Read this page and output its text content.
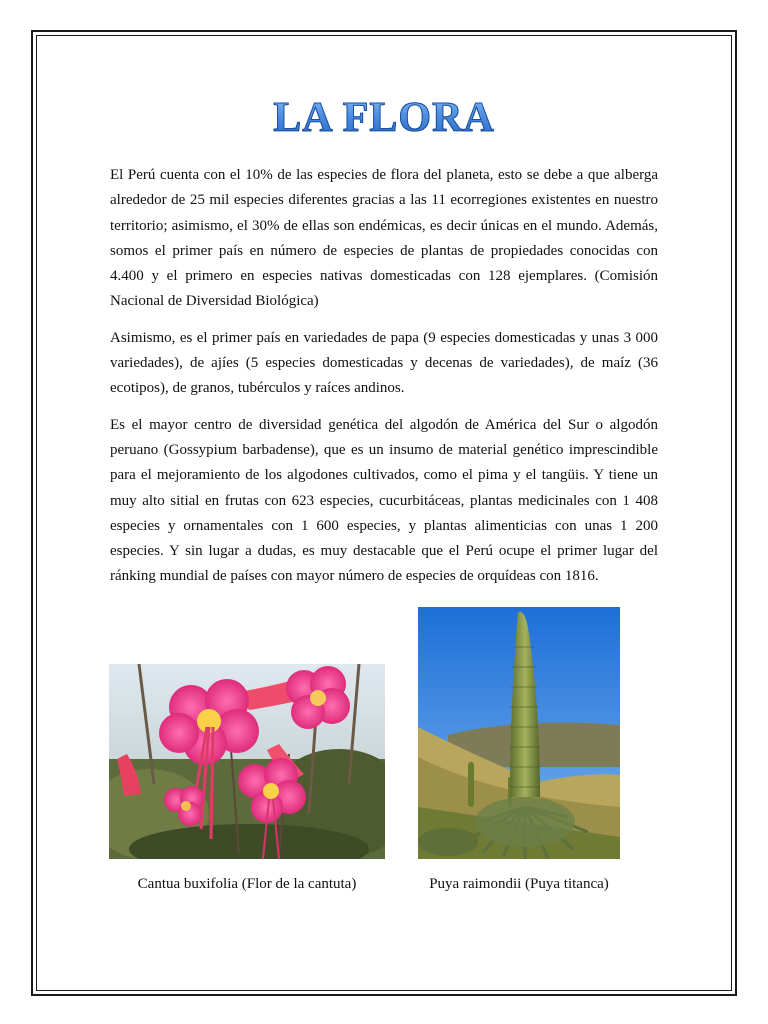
LA FLORA

El Perú cuenta con el 10% de las especies de flora del planeta, esto se debe a que alberga alrededor de 25 mil especies diferentes gracias a las 11 ecorregiones existentes en nuestro territorio; asimismo, el 30% de ellas son endémicas, es decir únicas en el mundo. Además, somos el primer país en número de especies de plantas de propiedades conocidas con 4.400 y el primero en especies nativas domesticadas con 128 ejemplares. (Comisión Nacional de Diversidad Biológica)

Asimismo, es el primer país en variedades de papa (9 especies domesticadas y unas 3 000 variedades), de ajíes (5 especies domesticadas y decenas de variedades), de maíz (36 ecotipos), de granos, tubérculos y raíces andinos.

Es el mayor centro de diversidad genética del algodón de América del Sur o algodón peruano (Gossypium barbadense), que es un insumo de material genético imprescindible para el mejoramiento de los algodones cultivados, como el pima y el tangüis. Y tiene un muy alto sitial en frutas con 623 especies, cucurbitáceas, plantas medicinales con 1 408 especies y ornamentales con 1 600 especies, y plantas alimenticias con unas 1 200 especies. Y sin lugar a dudas, es muy destacable que el Perú ocupe el primer lugar del ránking mundial de países con mayor número de especies de orquídeas con 1816.

Cantua buxifolia (Flor de la cantuta)	Puya raimondii (Puya titanca)
